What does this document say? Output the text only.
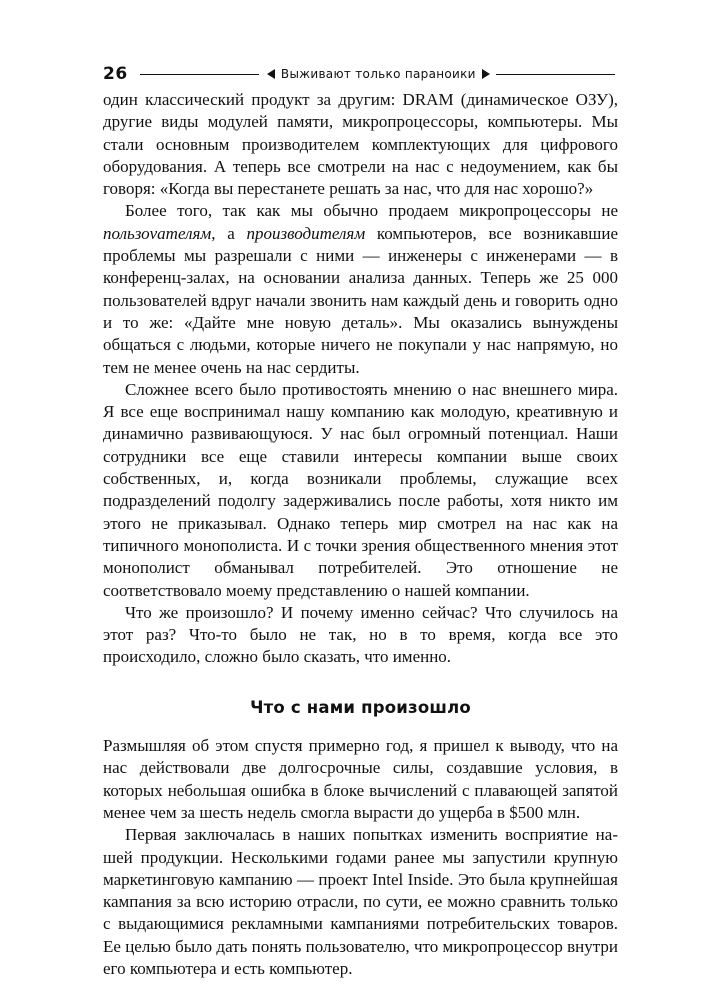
26	Выживают только параноики

один классический продукт за другим: DRAM (динамическое ОЗУ), другие виды модулей памяти, микропроцессоры, компьютеры. Мы стали основным производителем комплектующих для цифрового оборудования. А теперь все смотрели на нас с недоумением, как бы говоря: «Когда вы перестанете решать за нас, что для нас хорошо?»

Более того, так как мы обычно продаем микропроцессоры не пользоvателям, а производителям компьютеров, все возникавшие проблемы мы разрешали с ними — инженеры с инженерами — в конференц-залах, на основании анализа данных. Теперь же 25 000 пользователей вдруг начали звонить нам каждый день и говорить одно и то же: «Дайте мне новую деталь». Мы оказались вынуждены общаться с людьми, которые ничего не покупали у нас напрямую, но тем не менее очень на нас сердиты.

Сложнее всего было противостоять мнению о нас внешнего мира. Я все еще воспринимал нашу компанию как молодую, креативную и динамично развивающуюся. У нас был огромный потенциал. Наши сотрудники все еще ставили интересы компании выше своих собственных, и, когда возникали проблемы, служащие всех подразделений подолгу задерживались после работы, хотя никто им этого не приказывал. Однако теперь мир смотрел на нас как на типичного монополиста. И с точки зрения общественного мнения этот монополист обманывал потребителей. Это отношение не соответствовало моему представлению о нашей компании.

Что же произошло? И почему именно сейчас? Что случилось на этот раз? Что-то было не так, но в то время, когда все это происходило, сложно было сказать, что именно.

Что с нами произошло

Размышляя об этом спустя примерно год, я пришел к выводу, что на нас действовали две долгосрочные силы, создавшие условия, в которых небольшая ошибка в блоке вычислений с плавающей запятой менее чем за шесть недель смогла вырасти до ущерба в $500 млн.

Первая заключалась в наших попытках изменить восприятие нашей продукции. Несколькими годами ранее мы запустили крупную маркетинговую кампанию — проект Intel Inside. Это была крупнейшая кампания за всю историю отрасли, по сути, ее можно сравнить только с выдающимися рекламными кампаниями потребительских товаров. Ее целью было дать понять пользователю, что микропроцессор внутри его компьютера и есть компьютер.
